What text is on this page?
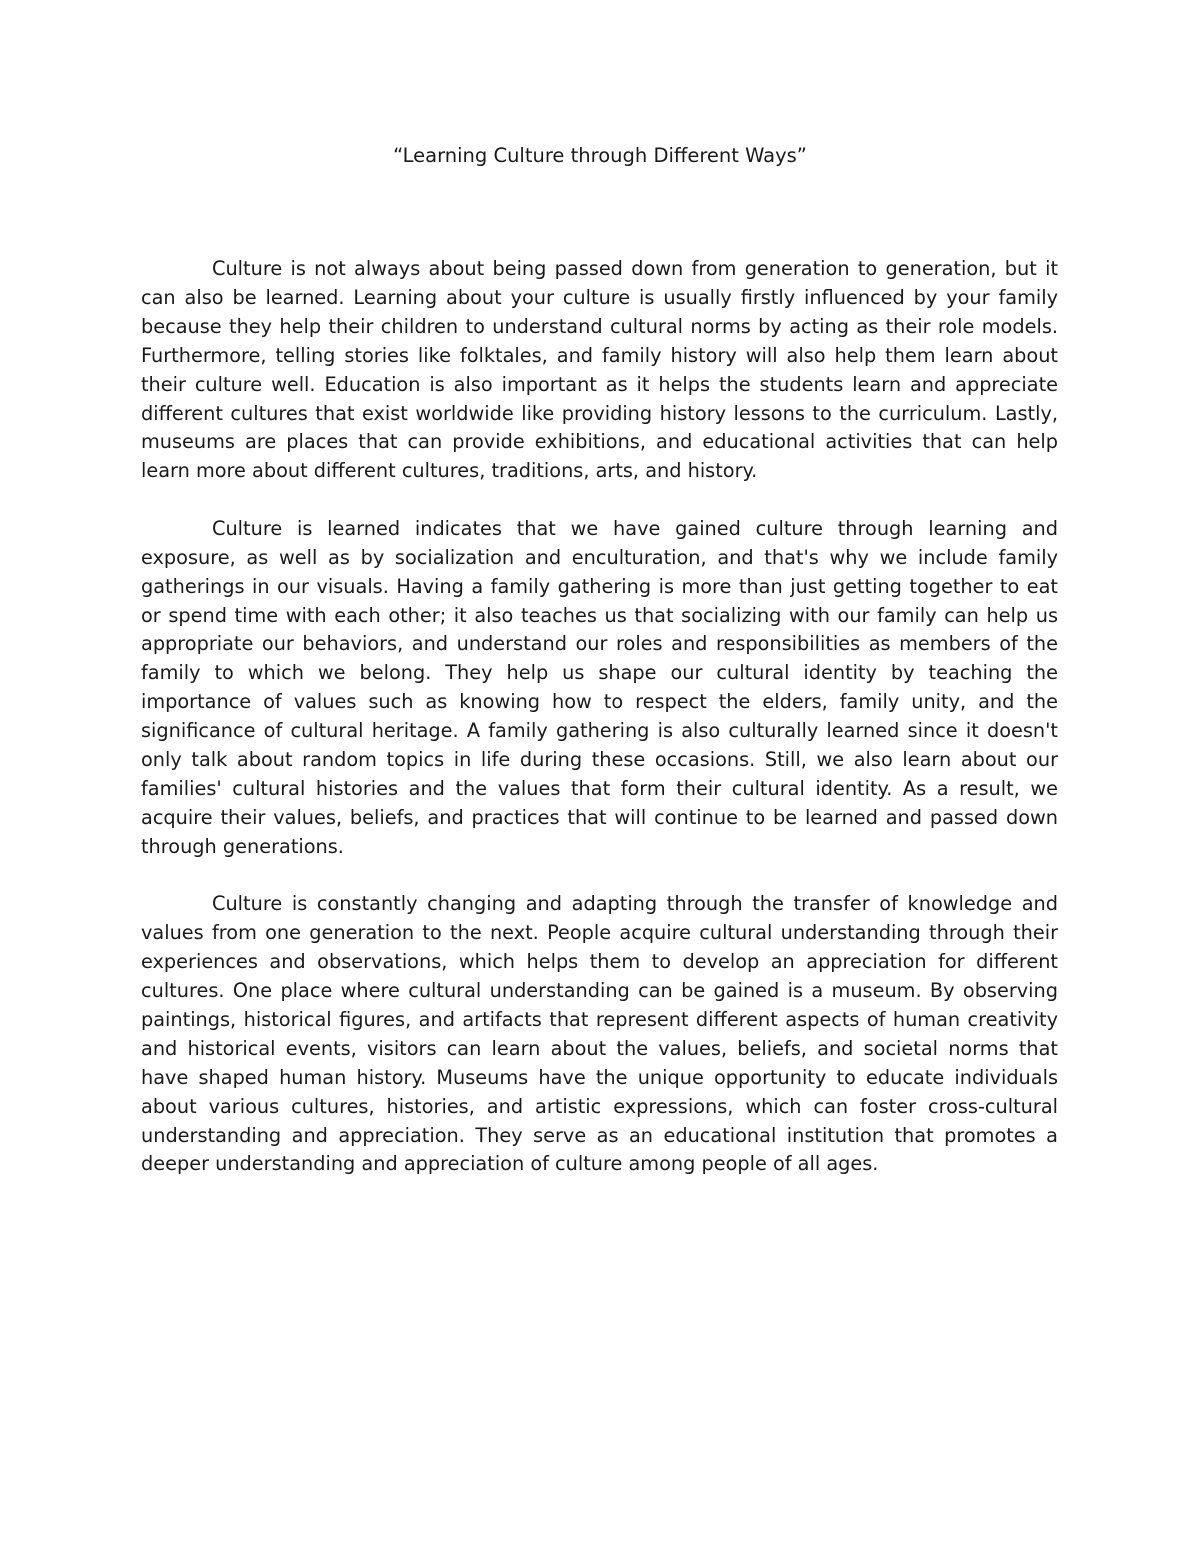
“Learning Culture through Different Ways”

Culture is not always about being passed down from generation to generation, but it can also be learned. Learning about your culture is usually firstly influenced by your family because they help their children to understand cultural norms by acting as their role models. Furthermore, telling stories like folktales, and family history will also help them learn about their culture well. Education is also important as it helps the students learn and appreciate different cultures that exist worldwide like providing history lessons to the curriculum. Lastly, museums are places that can provide exhibitions, and educational activities that can help learn more about different cultures, traditions, arts, and history.

Culture is learned indicates that we have gained culture through learning and exposure, as well as by socialization and enculturation, and that's why we include family gatherings in our visuals. Having a family gathering is more than just getting together to eat or spend time with each other; it also teaches us that socializing with our family can help us appropriate our behaviors, and understand our roles and responsibilities as members of the family to which we belong. They help us shape our cultural identity by teaching the importance of values such as knowing how to respect the elders, family unity, and the significance of cultural heritage. A family gathering is also culturally learned since it doesn't only talk about random topics in life during these occasions. Still, we also learn about our families' cultural histories and the values that form their cultural identity. As a result, we acquire their values, beliefs, and practices that will continue to be learned and passed down through generations.

Culture is constantly changing and adapting through the transfer of knowledge and values from one generation to the next. People acquire cultural understanding through their experiences and observations, which helps them to develop an appreciation for different cultures. One place where cultural understanding can be gained is a museum. By observing paintings, historical figures, and artifacts that represent different aspects of human creativity and historical events, visitors can learn about the values, beliefs, and societal norms that have shaped human history. Museums have the unique opportunity to educate individuals about various cultures, histories, and artistic expressions, which can foster cross-cultural understanding and appreciation. They serve as an educational institution that promotes a deeper understanding and appreciation of culture among people of all ages.
